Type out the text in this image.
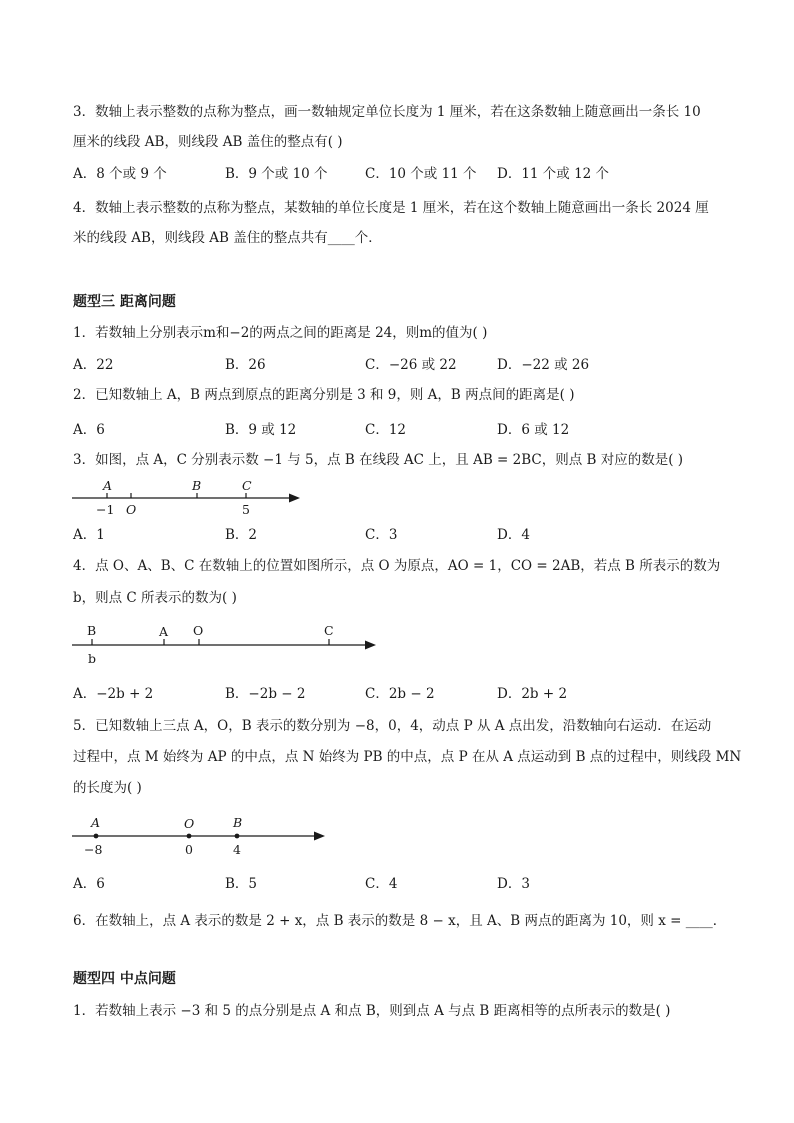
3．数轴上表示整数的点称为整点，画一数轴规定单位长度为 1 厘米，若在这条数轴上随意画出一条长 10
厘米的线段 AB，则线段 AB 盖住的整点有( )
A．8 个或 9 个	B．9 个或 10 个	C．10 个或 11 个 D．11 个或 12 个
4．数轴上表示整数的点称为整点，某数轴的单位长度是 1 厘米，若在这个数轴上随意画出一条长 2024 厘
米的线段 AB，则线段 AB 盖住的整点共有____个．
题型三 距离问题
1．若数轴上分别表示m和−2的两点之间的距离是 24，则m的值为( )
A．22	B．26	C．−26 或 22	D．−22 或 26
2．已知数轴上 A，B 两点到原点的距离分别是 3 和 9，则 A，B 两点间的距离是( )
A．6	B．9 或 12	C．12	D．6 或 12
3．如图，点 A，C 分别表示数 −1 与 5，点 B 在线段 AC 上，且 AB = 2BC，则点 B 对应的数是( )
A
O
B	C
−1	5
A．1	B．2	C．3	D．4
4．点 O、A、B、C 在数轴上的位置如图所示，点 O 为原点，AO = 1，CO = 2AB，若点 B 所表示的数为
b，则点 C 所表示的数为( )
B	A O	C
b
A．−2b + 2	B．−2b − 2	C．2b − 2	D．2b + 2
5．已知数轴上三点 A，O，B 表示的数分别为 −8，0，4，动点 P 从 A 点出发，沿数轴向右运动．在运动
过程中，点 M 始终为 AP 的中点，点 N 始终为 PB 的中点，点 P 在从 A 点运动到 B 点的过程中，则线段 MN
的长度为( )
A	O	B
−8	0	4
A．6	B．5	C．4	D．3
6．在数轴上，点 A 表示的数是 2 + x，点 B 表示的数是 8 − x，且 A、B 两点的距离为 10，则 x = ____．
题型四 中点问题
1．若数轴上表示 −3 和 5 的点分别是点 A 和点 B，则到点 A 与点 B 距离相等的点所表示的数是( )
